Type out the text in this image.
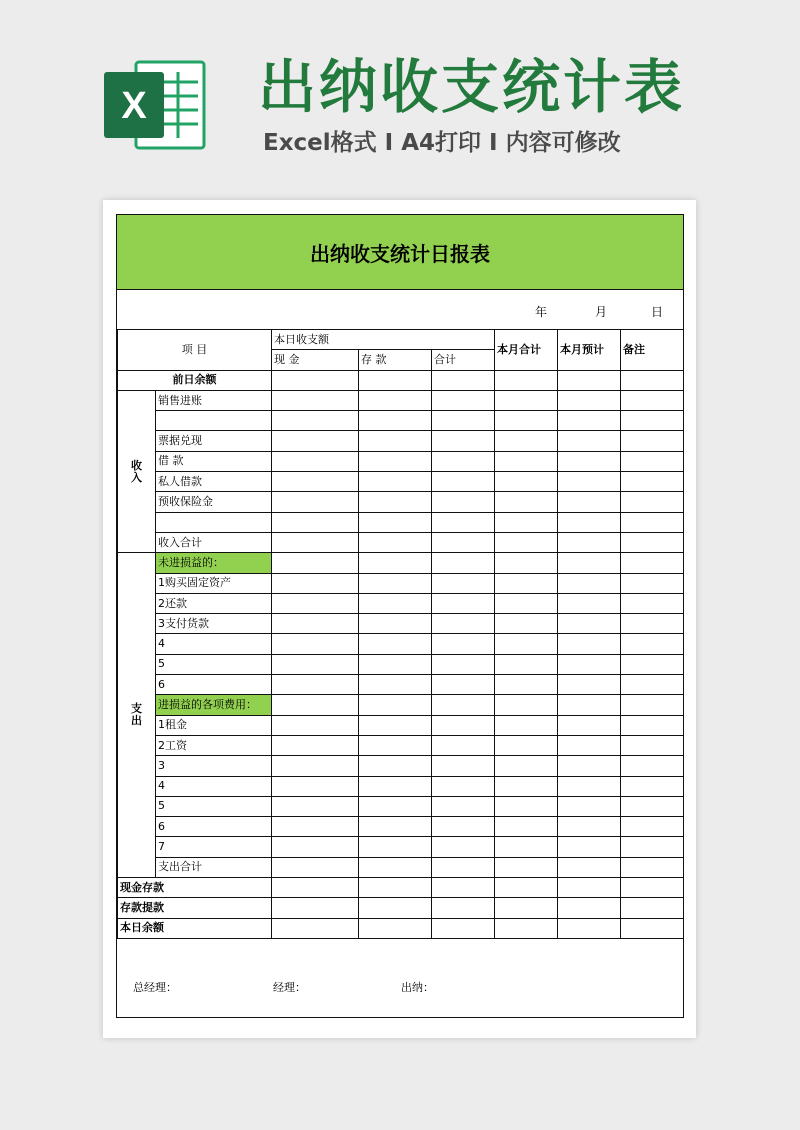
X 出纳收支统计表
Excel格式 I A4打印 I 内容可修改
出纳收支统计日报表
年	月	日
项 目		本日收支额			本月合计	本月预计	备注
		现 金	存 款	合计			
前日余额							
收
入	销售进账						

	票据兑现						
	借 款						
	私人借款						
	预收保险金						

	收入合计						
支
出	未进损益的：						
	1购买固定资产						
	2还款						
	3支付货款						
	4						
	5						
	6						
	进损益的各项费用：						
	1租金						
	2工资						
	3						
	4						
	5						
	6						
	7						
	支出合计						
现金存款							
存款提款							
本日余额							
总经理：	经理：	出纳：
